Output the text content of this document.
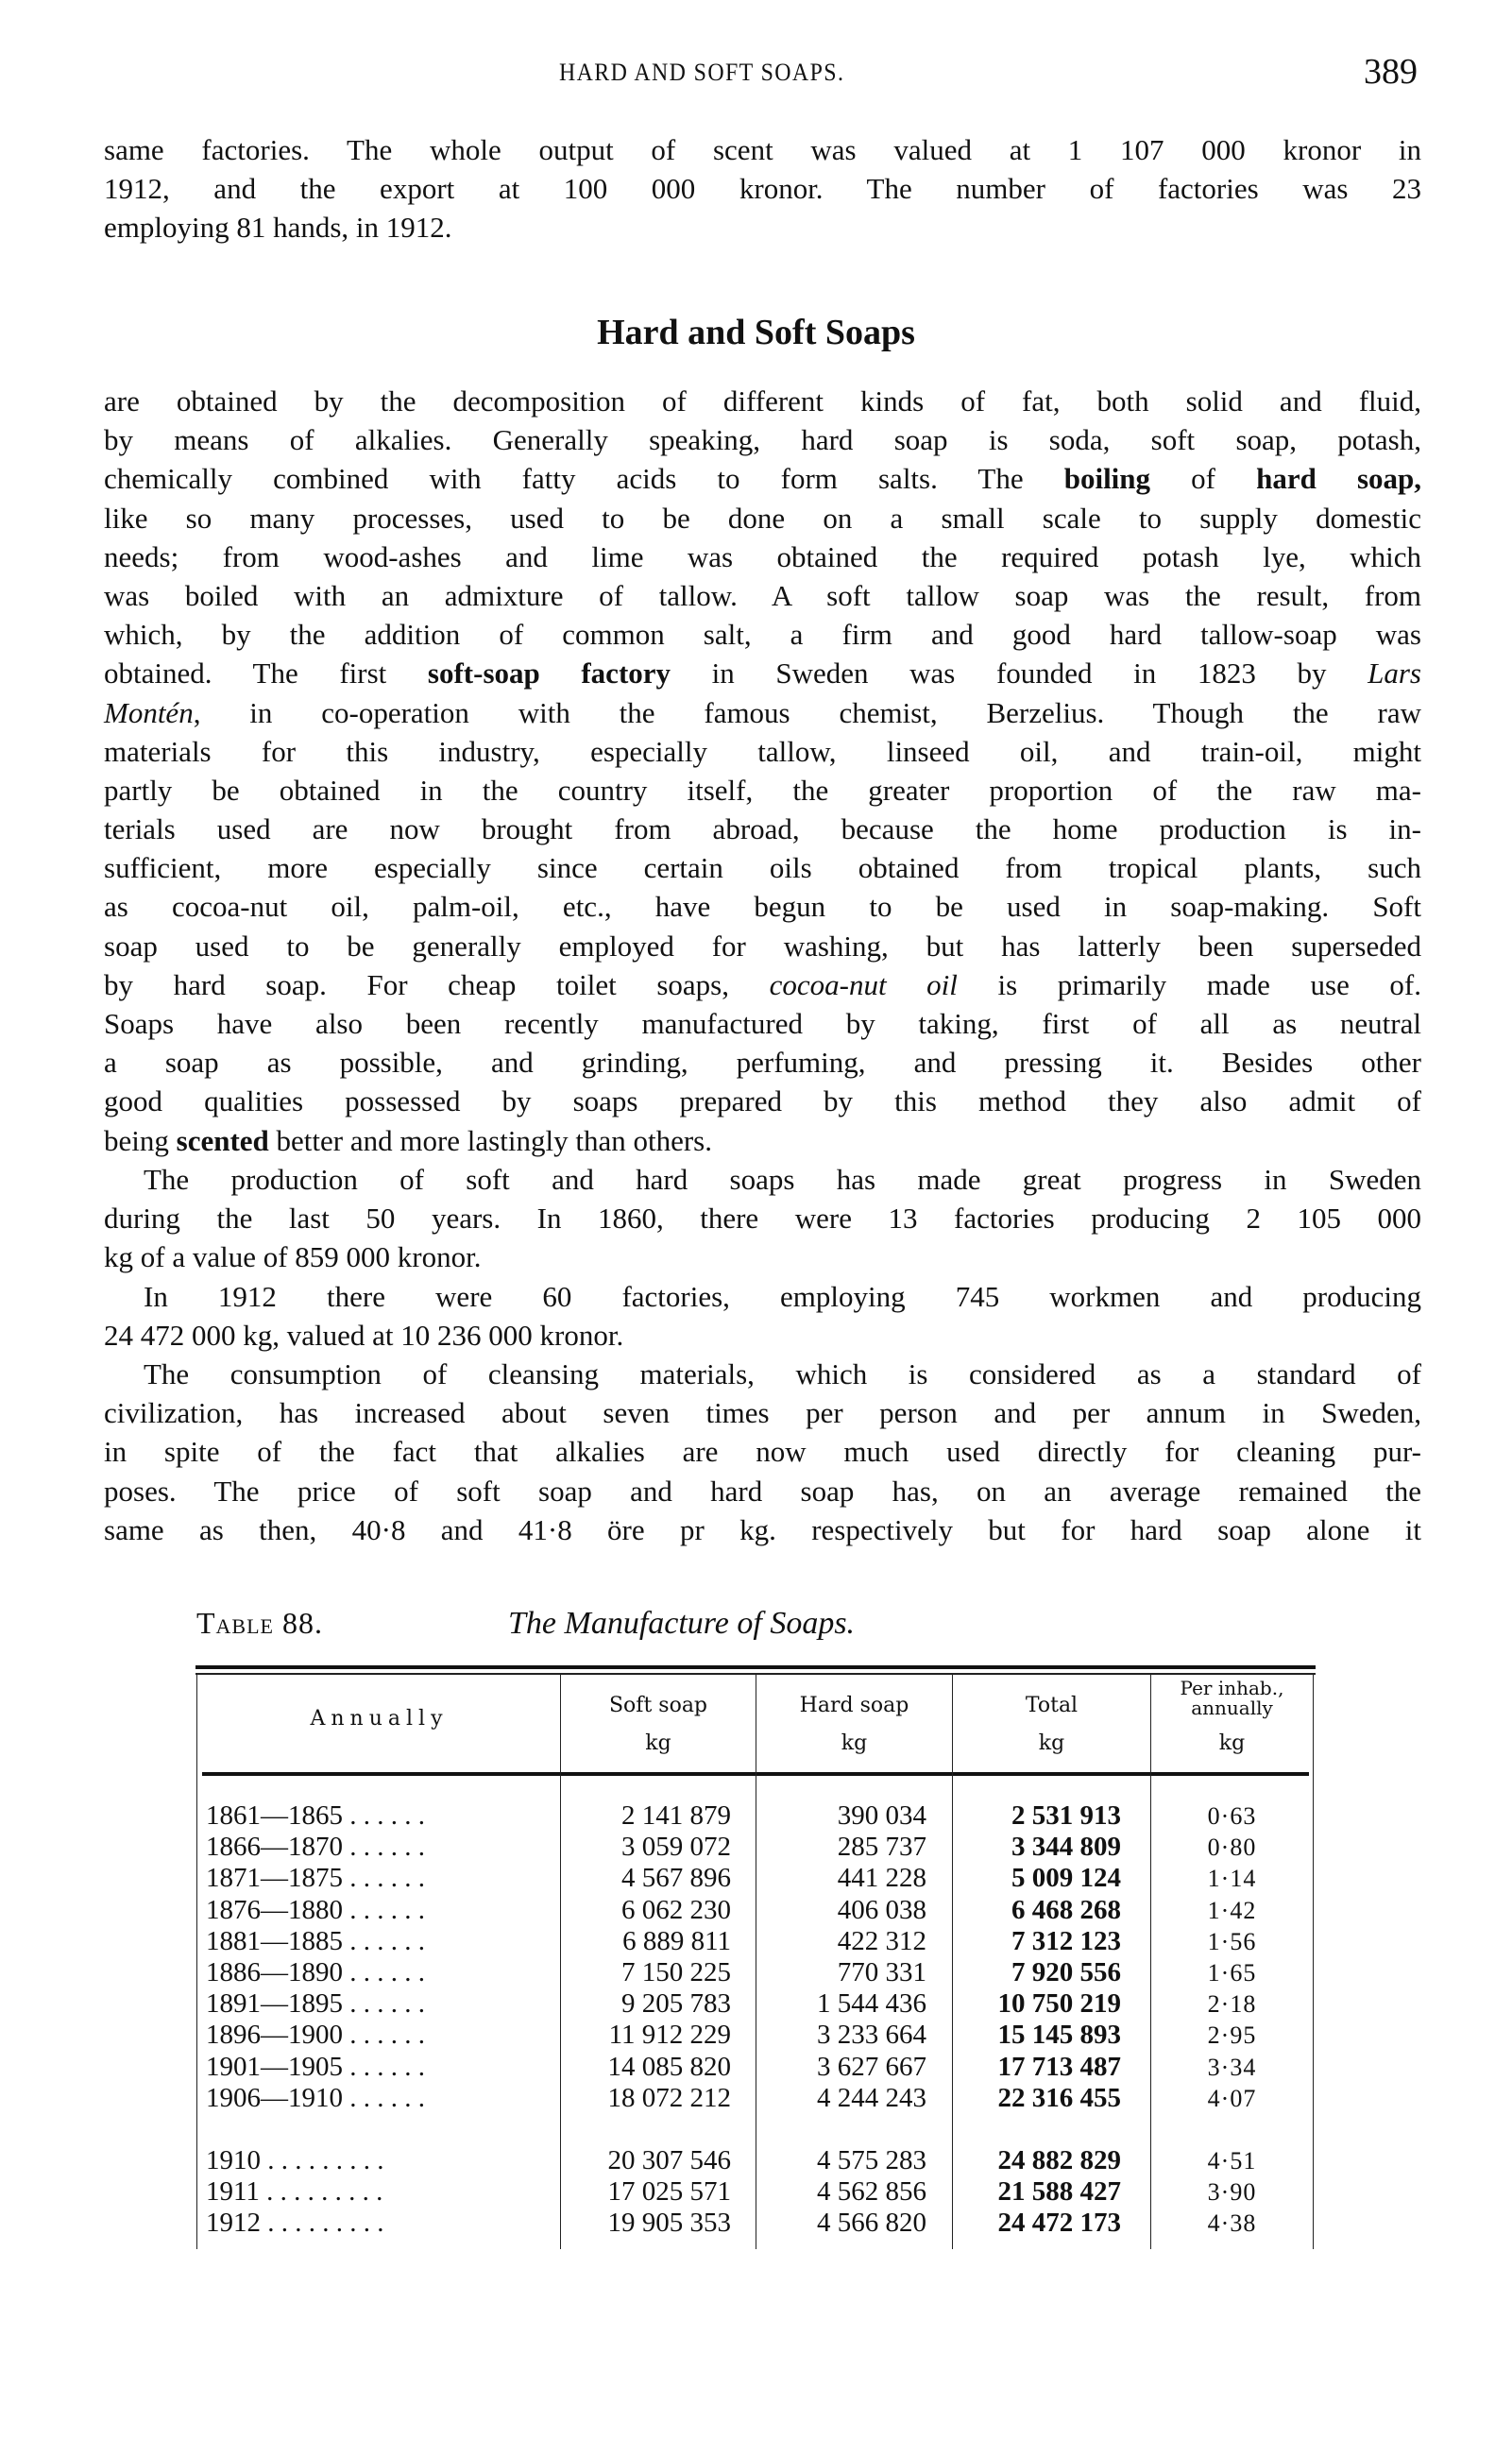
HARD AND SOFT SOAPS.	389
same factories. The whole output of scent was valued at 1 107 000 kronor in
1912, and the export at 100 000 kronor. The number of factories was 23
employing 81 hands, in 1912.
Hard and Soft Soaps
are obtained by the decomposition of different kinds of fat, both solid and fluid,
by means of alkalies. Generally speaking, hard soap is soda, soft soap, potash,
chemically combined with fatty acids to form salts. The boiling of hard soap,
like so many processes, used to be done on a small scale to supply domestic
needs; from wood-ashes and lime was obtained the required potash lye, which
was boiled with an admixture of tallow. A soft tallow soap was the result, from
which, by the addition of common salt, a firm and good hard tallow-soap was
obtained. The first soft-soap factory in Sweden was founded in 1823 by Lars
Montén, in co-operation with the famous chemist, Berzelius. Though the raw
materials for this industry, especially tallow, linseed oil, and train-oil, might
partly be obtained in the country itself, the greater proportion of the raw ma-
terials used are now brought from abroad, because the home production is in-
sufficient, more especially since certain oils obtained from tropical plants, such
as cocoa-nut oil, palm-oil, etc., have begun to be used in soap-making. Soft
soap used to be generally employed for washing, but has latterly been superseded
by hard soap. For cheap toilet soaps, cocoa-nut oil is primarily made use of.
Soaps have also been recently manufactured by taking, first of all as neutral
a soap as possible, and grinding, perfuming, and pressing it. Besides other
good qualities possessed by soaps prepared by this method they also admit of
being scented better and more lastingly than others.
The production of soft and hard soaps has made great progress in Sweden
during the last 50 years. In 1860, there were 13 factories producing 2 105 000
kg of a value of 859 000 kronor.
In 1912 there were 60 factories, employing 745 workmen and producing
24 472 000 kg, valued at 10 236 000 kronor.
The consumption of cleansing materials, which is considered as a standard of
civilization, has increased about seven times per person and per annum in Sweden,
in spite of the fact that alkalies are now much used directly for cleaning pur-
poses. The price of soft soap and hard soap has, on an average remained the
same as then, 40·8 and 41·8 öre pr kg. respectively but for hard soap alone it
Table 88.	The Manufacture of Soaps.
Annually
Soft soap
kg
Hard soap
kg
Total
kg
Per inhab.,
annually
kg
1861—1865 . . . . . .	2 141 879	390 034	2 531 913	0·63
1866—1870 . . . . . .	3 059 072	285 737	3 344 809	0·80
1871—1875 . . . . . .	4 567 896	441 228	5 009 124	1·14
1876—1880 . . . . . .	6 062 230	406 038	6 468 268	1·42
1881—1885 . . . . . .	6 889 811	422 312	7 312 123	1·56
1886—1890 . . . . . .	7 150 225	770 331	7 920 556	1·65
1891—1895 . . . . . .	9 205 783	1 544 436	10 750 219	2·18
1896—1900 . . . . . .	11 912 229	3 233 664	15 145 893	2·95
1901—1905 . . . . . .	14 085 820	3 627 667	17 713 487	3·34
1906—1910 . . . . . .	18 072 212	4 244 243	22 316 455	4·07
1910 . . . . . . . . .	20 307 546	4 575 283	24 882 829	4·51
1911 . . . . . . . . .	17 025 571	4 562 856	21 588 427	3·90
1912 . . . . . . . . .	19 905 353	4 566 820	24 472 173	4·38
